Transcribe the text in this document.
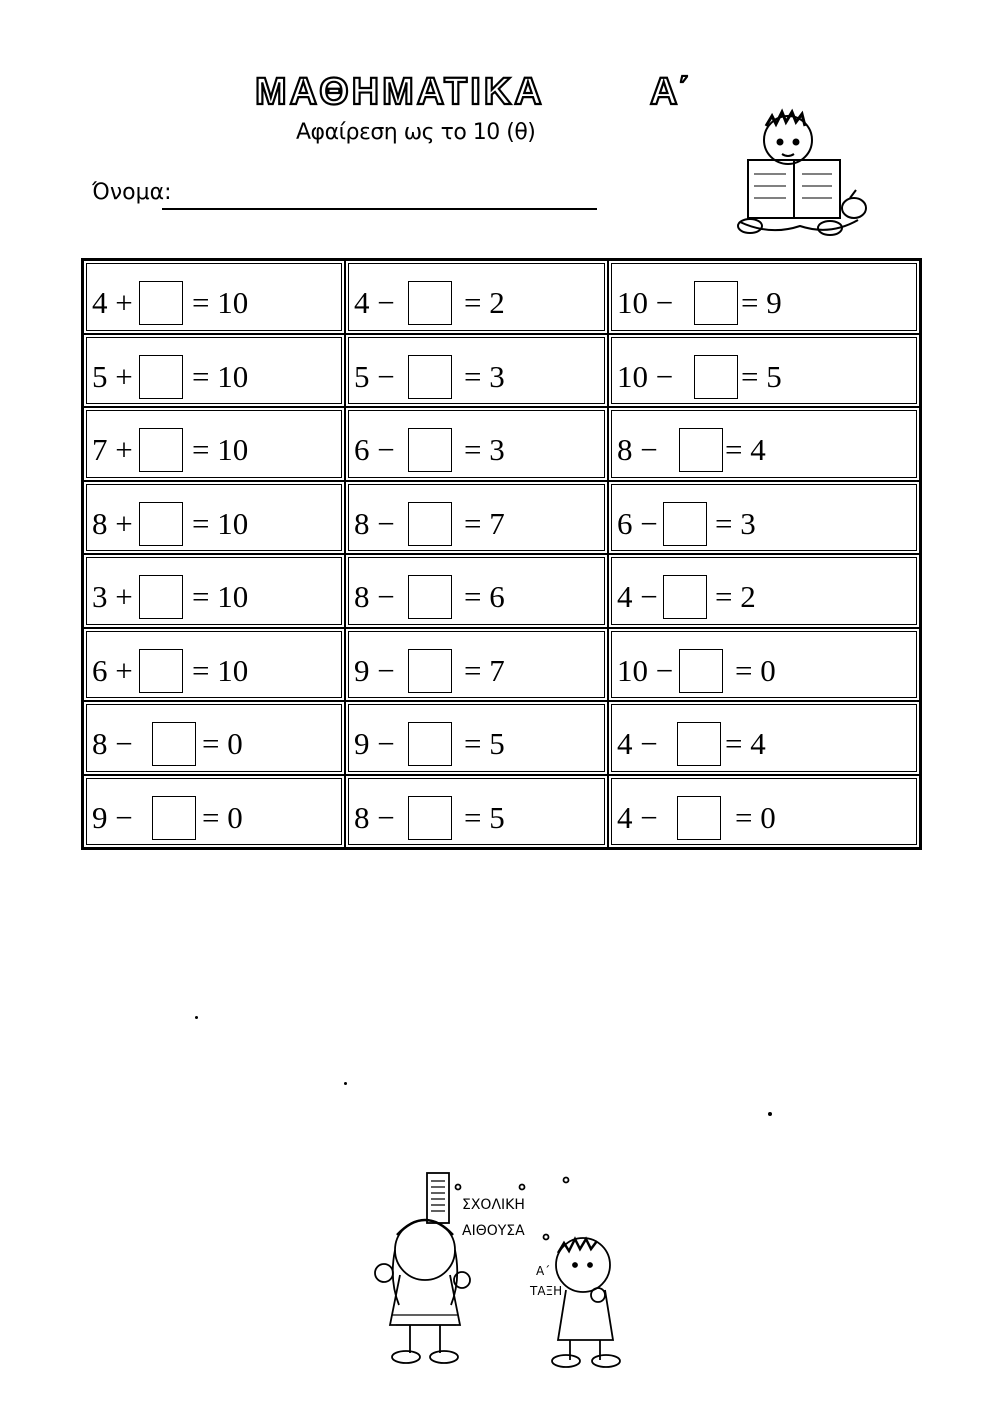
ΜΑΘΗΜΑΤΙΚΑ	Α΄
Αφαίρεση ως το 10 (θ)
Όνομα:
4 + = 10	4 − = 2	10 − = 9
5 + = 10	5 − = 3	10 − = 5
7 + = 10	6 − = 3	8 − = 4
8 + = 10	8 − = 7	6 − = 3
3 + = 10	8 − = 6	4 − = 2
6 + = 10	9 − = 7	10 − = 0
8 − = 0	9 − = 5	4 − = 4
9 − = 0	8 − = 5	4 − = 0
ΣΧΟΛΙΚΗ
ΑΙΘΟΥΣΑ
Α΄
ΤΑΞΗ
